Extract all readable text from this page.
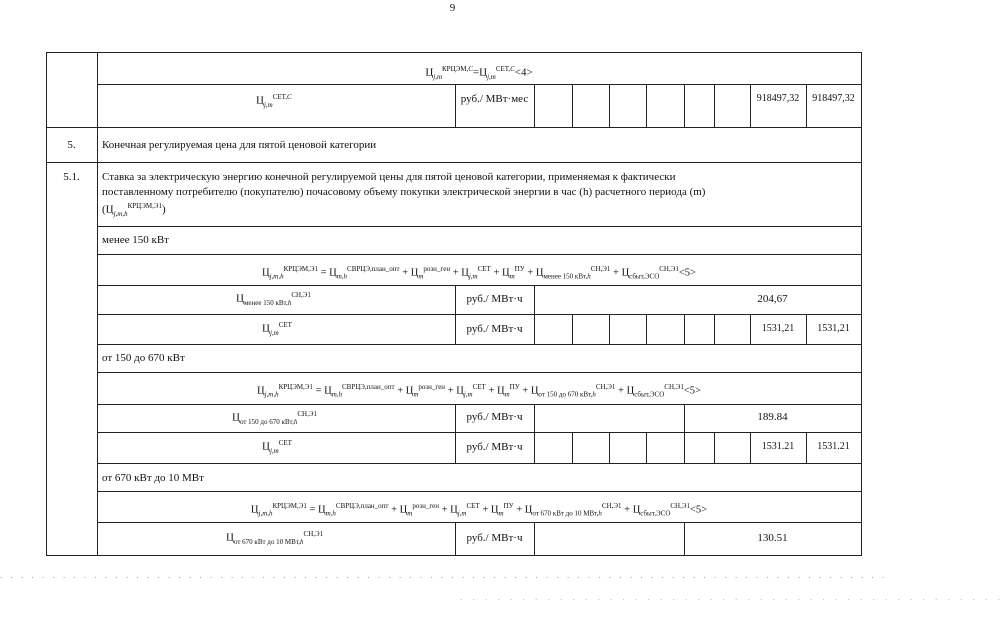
9
$Ц_{j,m}^{КРЦЭМ,С}=Ц_{j,m}^{СЕТ,С}<4>$
$Ц_{j,m}^{СЕТ,С}$	руб./ МВт·мес	918497,32	918497,32
5.	Конечная регулируемая цена для пятой ценовой категории
5.1.	Ставка за электрическую энергию конечной регулируемой цены для пятой ценовой категории, применяемая к фактически
поставленному потребителю (покупателю) почасовому объему покупки электрической энергии в час (h) расчетного периода (m)
$(Ц_{j,m,h}^{КРЦЭМ,Э1})$
менее 150 кВт
$Ц_{j,m,h}^{КРЦЭМ,Э1} = Ц_{m,h}^{СВРЦЭ,план\_опт} + Ц_m^{розн\_ген} + Ц_{j,m}^{СЕТ} + Ц_m^{ПУ} + Ц_{менее 150 кВт,h}^{СН,Э1} + Ц_{сбыт,ЭСО}^{СН,Э1}<5>$
$Ц_{менее 150 кВт,h}^{СН,Э1}$	руб./ МВт·ч	204,67
$Ц_{j,m}^{СЕТ}$	руб./ МВт·ч	1531,21	1531,21
от 150 до 670 кВт
$Ц_{j,m,h}^{КРЦЭМ,Э1} = Ц_{m,h}^{СВРЦЭ,план\_опт} + Ц_m^{розн\_ген} + Ц_{j,m}^{СЕТ} + Ц_m^{ПУ} + Ц_{от 150 до 670 кВт,h}^{СН,Э1} + Ц_{сбыт,ЭСО}^{СН,Э1}<5>$
$Ц_{от 150 до 670 кВт,h}^{СН,Э1}$	руб./ МВт·ч	189.84
$Ц_{j,m}^{СЕТ}$	руб./ МВт·ч	1531.21	1531.21
от 670 кВт до 10 МВт
$Ц_{j,m,h}^{КРЦЭМ,Э1} = Ц_{m,h}^{СВРЦЭ,план\_опт} + Ц_m^{розн\_ген} + Ц_{j,m}^{СЕТ} + Ц_m^{ПУ} + Ц_{от 670 кВт до 10 МВт,h}^{СН,Э1} + Ц_{сбыт,ЭСО}^{СН,Э1}<5>$
$Ц_{от 670 кВт до 10 МВт,h}^{СН,Э1}$	руб./ МВт·ч	130.51
. . . . . . . . . . . . . . . . . . . . . . . . . . . . . . . . . . . . . . . . . . . . . . . . . . . . . . . . . . . . . . . . . . . . . . . . . . . . . . . . . . . . .
. . . . . . . . . . . . . . . . . . . . . . . . . . . . . . . . . . . . . . . . . . . .
